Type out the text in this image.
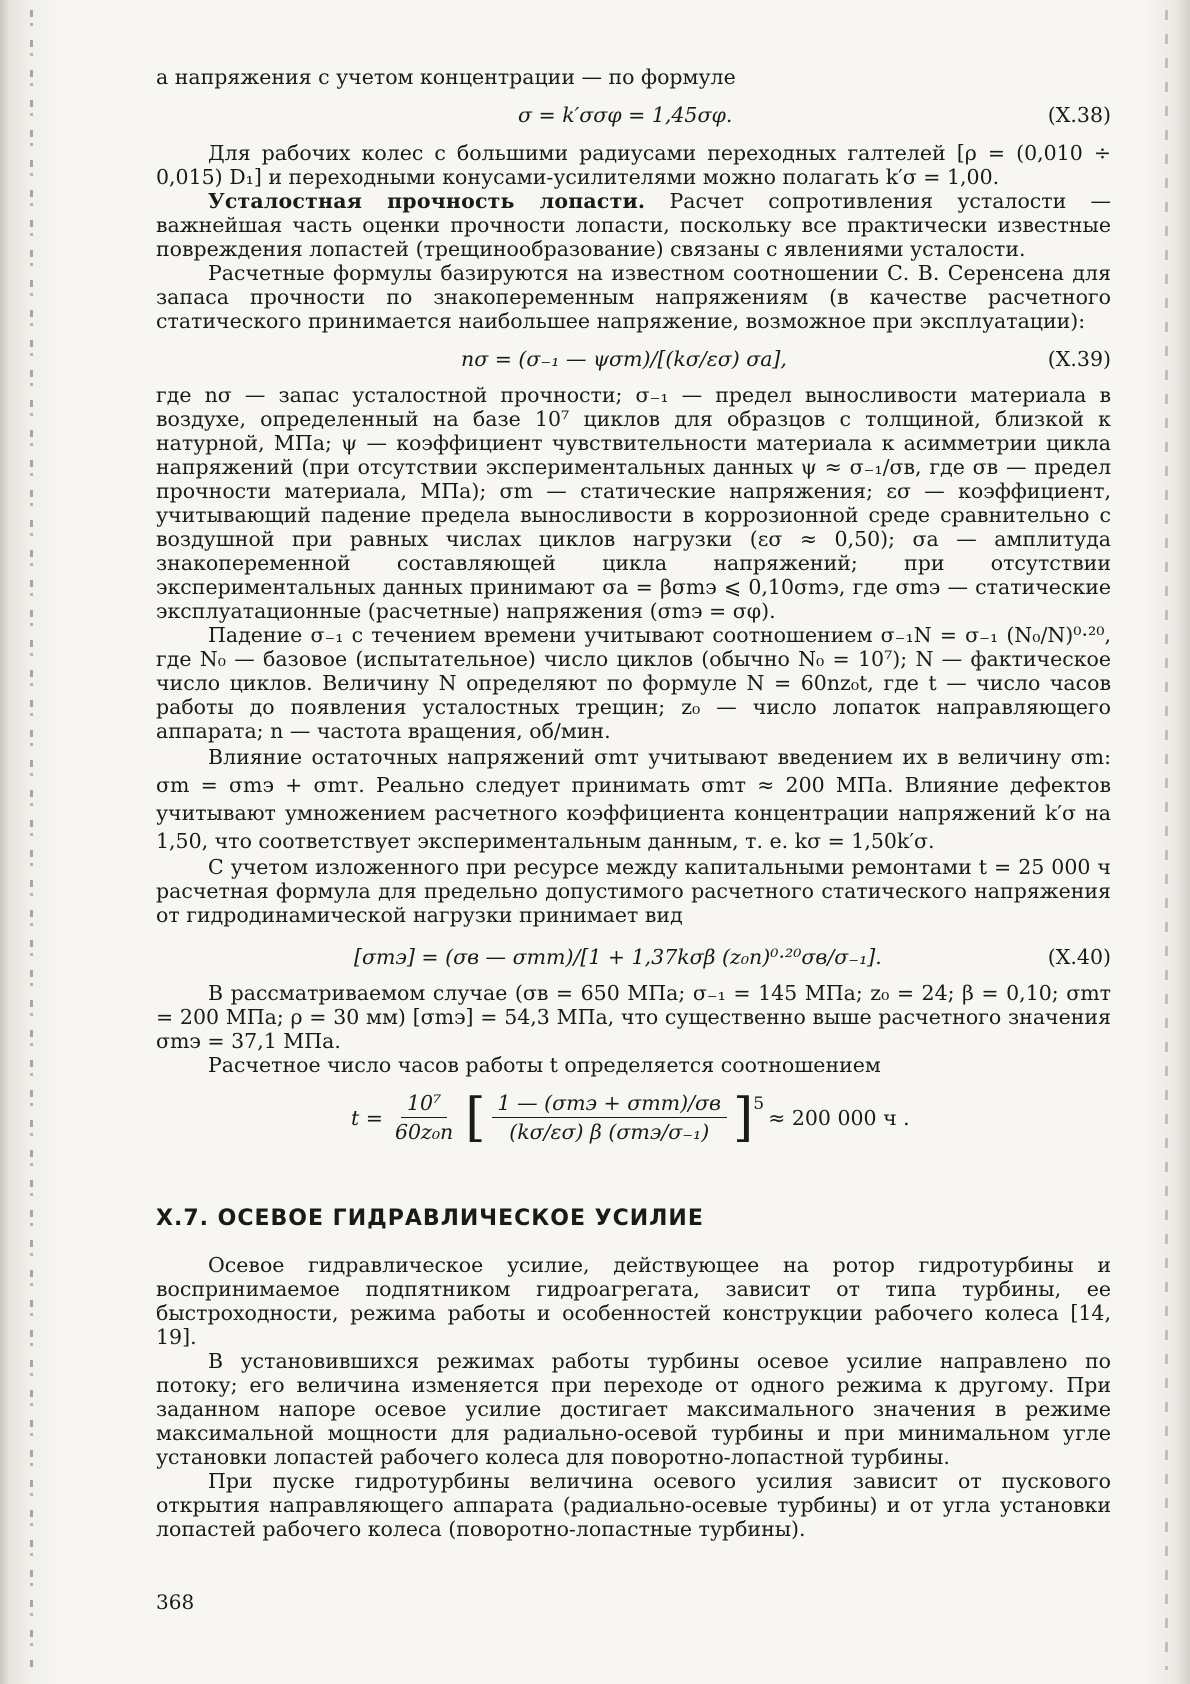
а напряжения с учетом концентрации — по формуле

σ = k′σσφ = 1,45σφ.	(X.38)

Для рабочих колес с большими радиусами переходных галтелей [ρ = (0,010 ÷ 0,015) D₁] и переходными конусами-усилителями можно полагать k′σ = 1,00.

Усталостная прочность лопасти. Расчет сопротивления усталости — важнейшая часть оценки прочности лопасти, поскольку все практически известные повреждения лопастей (трещинообразование) связаны с явлениями усталости.

Расчетные формулы базируются на известном соотношении С. В. Серенсена для запаса прочности по знакопеременным напряжениям (в качестве расчетного статического принимается наибольшее напряжение, возможное при эксплуатации):

nσ = (σ₋₁ — ψσm)/[(kσ/εσ) σa],	(X.39)

где nσ — запас усталостной прочности; σ₋₁ — предел выносливости материала в воздухе, определенный на базе 10⁷ циклов для образцов с толщиной, близкой к натурной, МПа; ψ — коэффициент чувствительности материала к асимметрии цикла напряжений (при отсутствии экспериментальных данных ψ ≈ σ₋₁/σв, где σв — предел прочности материала, МПа); σm — статические напряжения; εσ — коэффициент, учитывающий падение предела выносливости в коррозионной среде сравнительно с воздушной при равных числах циклов нагрузки (εσ ≈ 0,50); σa — амплитуда знакопеременной составляющей цикла напряжений; при отсутствии экспериментальных данных принимают σa = βσmэ ⩽ 0,10σmэ, где σmэ — статические эксплуатационные (расчетные) напряжения (σmэ = σφ).

Падение σ₋₁ с течением времени учитывают соотношением σ₋₁N = σ₋₁ (N₀/N)⁰·²⁰, где N₀ — базовое (испытательное) число циклов (обычно N₀ = 10⁷); N — фактическое число циклов. Величину N определяют по формуле N = 60nz₀t, где t — число часов работы до появления усталостных трещин; z₀ — число лопаток направляющего аппарата; n — частота вращения, об/мин.

Влияние остаточных напряжений σmт учитывают введением их в величину σm: σm = σmэ + σmт. Реально следует принимать σmт ≈ 200 МПа. Влияние дефектов учитывают умножением расчетного коэффициента концентрации напряжений k′σ на 1,50, что соответствует экспериментальным данным, т. е. kσ = 1,50k′σ.

С учетом изложенного при ресурсе между капитальными ремонтами t = 25 000 ч расчетная формула для предельно допустимого расчетного статического напряжения от гидродинамической нагрузки принимает вид

[σmэ] = (σв — σmт)/[1 + 1,37kσβ (z₀n)⁰·²⁰σв/σ₋₁].	(X.40)

В рассматриваемом случае (σв = 650 МПа; σ₋₁ = 145 МПа; z₀ = 24; β = 0,10; σmт = 200 МПа; ρ = 30 мм) [σmэ] = 54,3 МПа, что существенно выше расчетного значения σmэ = 37,1 МПа.

Расчетное число часов работы t определяется соотношением

$t = \frac{\text{10⁷}}{\text{60z₀n}}$ [ $\frac{\text{1 — (σmэ + σmт)/σв}}{\text{(kσ/εσ) β (σmэ/σ₋₁)}} ]^5$
≈ 200 000 ч .
X.7. ОСЕВОЕ ГИДРАВЛИЧЕСКОЕ УСИЛИЕ

Осевое гидравлическое усилие, действующее на ротор гидротурбины и воспринимаемое подпятником гидроагрегата, зависит от типа турбины, ее быстроходности, режима работы и особенностей конструкции рабочего колеса [14, 19].

В установившихся режимах работы турбины осевое усилие направлено по потоку; его величина изменяется при переходе от одного режима к другому. При заданном напоре осевое усилие достигает максимального значения в режиме максимальной мощности для радиально-осевой турбины и при минимальном угле установки лопастей рабочего колеса для поворотно-лопастной турбины.

При пуске гидротурбины величина осевого усилия зависит от пускового открытия направляющего аппарата (радиально-осевые турбины) и от угла установки лопастей рабочего колеса (поворотно-лопастные турбины).

368
